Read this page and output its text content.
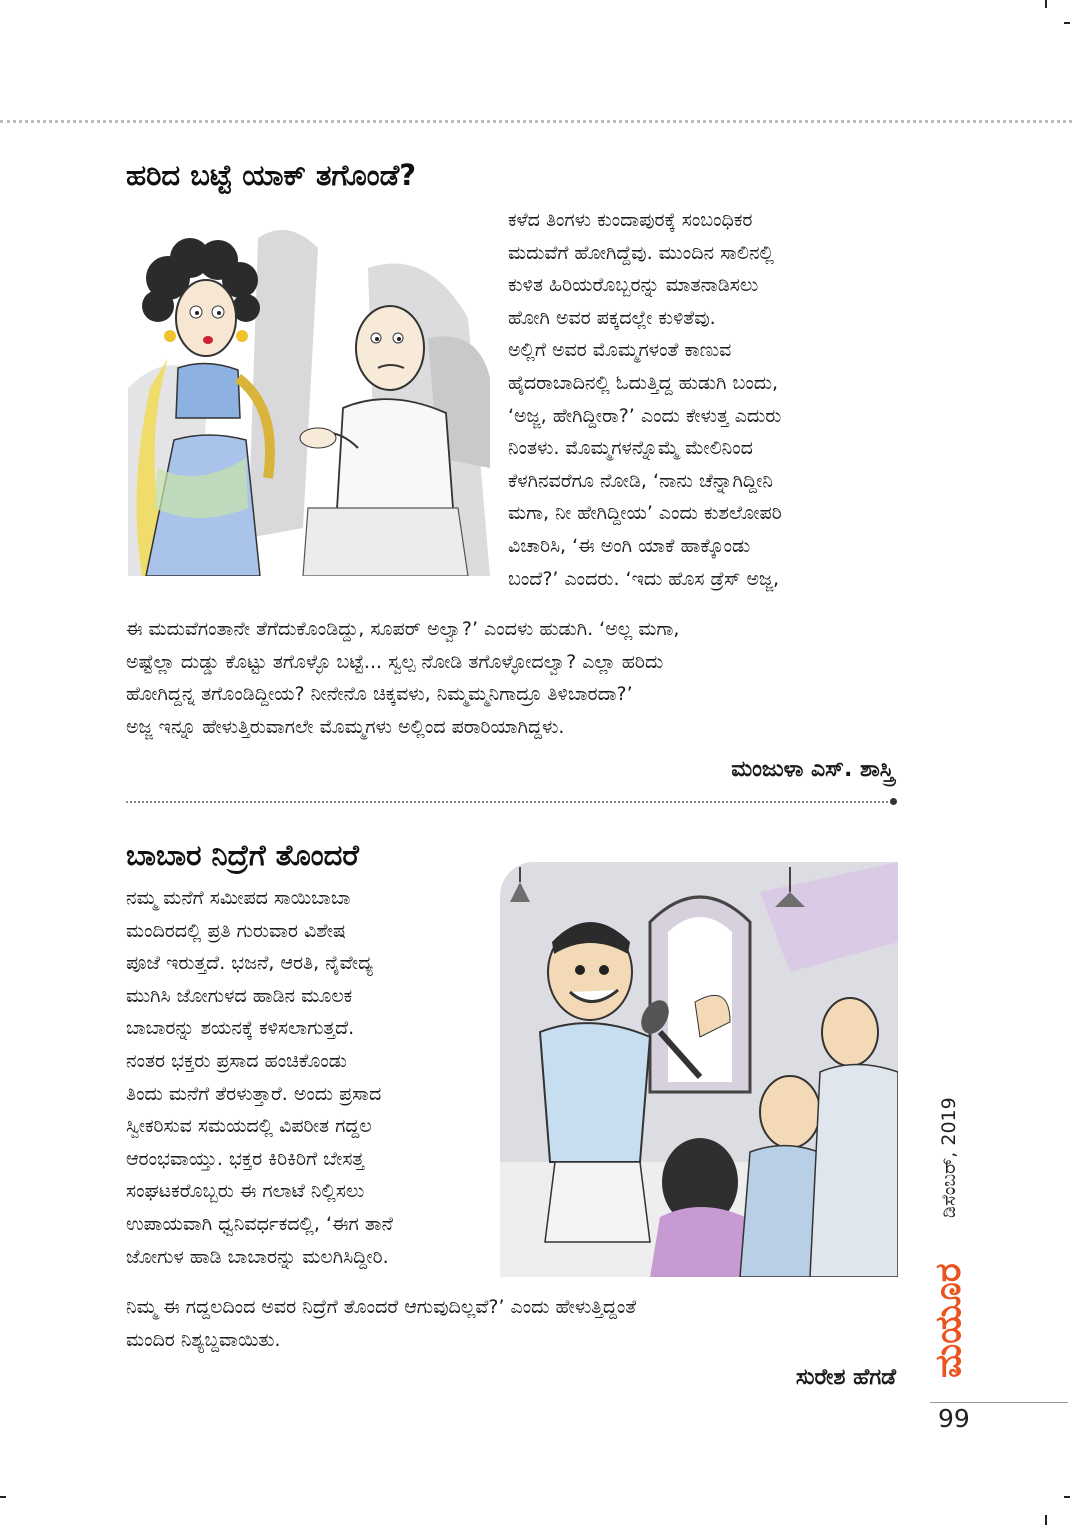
ಹರಿದ ಬಟ್ಟೆ ಯಾಕ್ ತಗೊಂಡೆ?

ಕಳೆದ ತಿಂಗಳು ಕುಂದಾಪುರಕ್ಕೆ ಸಂಬಂಧಿಕರ
ಮದುವೆಗೆ ಹೋಗಿದ್ದೆವು. ಮುಂದಿನ ಸಾಲಿನಲ್ಲಿ
ಕುಳಿತ ಹಿರಿಯರೊಬ್ಬರನ್ನು ಮಾತನಾಡಿಸಲು
ಹೋಗಿ ಅವರ ಪಕ್ಕದಲ್ಲೇ ಕುಳಿತೆವು.
ಅಲ್ಲಿಗೆ ಅವರ ಮೊಮ್ಮಗಳಂತೆ ಕಾಣುವ
ಹೈದರಾಬಾದಿನಲ್ಲಿ ಓದುತ್ತಿದ್ದ ಹುಡುಗಿ ಬಂದು,
‘ಅಜ್ಜ, ಹೇಗಿದ್ದೀರಾ?’ ಎಂದು ಕೇಳುತ್ತ ಎದುರು
ನಿಂತಳು. ಮೊಮ್ಮಗಳನ್ನೊಮ್ಮೆ ಮೇಲಿನಿಂದ
ಕೆಳಗಿನವರೆಗೂ ನೋಡಿ, ‘ನಾನು ಚೆನ್ನಾಗಿದ್ದೀನಿ
ಮಗಾ, ನೀ ಹೇಗಿದ್ದೀಯ’ ಎಂದು ಕುಶಲೋಪರಿ
ವಿಚಾರಿಸಿ, ‘ಈ ಅಂಗಿ ಯಾಕೆ ಹಾಕ್ಕೊಂಡು
ಬಂದೆ?’ ಎಂದರು. ‘ಇದು ಹೊಸ ಡ್ರೆಸ್ ಅಜ್ಜ,

ಈ ಮದುವೆಗಂತಾನೇ ತೆಗೆದುಕೊಂಡಿದ್ದು, ಸೂಪರ್ ಅಲ್ವಾ?’ ಎಂದಳು ಹುಡುಗಿ. ‘ಅಲ್ಲ ಮಗಾ,
ಅಷ್ಟೆಲ್ಲಾ ದುಡ್ಡು ಕೊಟ್ಟು ತಗೊಳ್ಳೊ ಬಟ್ಟೆ... ಸ್ವಲ್ಪ ನೋಡಿ ತಗೊಳ್ಳೋದಲ್ವಾ? ಎಲ್ಲಾ ಹರಿದು
ಹೋಗಿದ್ದನ್ನ ತಗೊಂಡಿದ್ದೀಯ? ನೀನೇನೊ ಚಿಕ್ಕವಳು, ನಿಮ್ಮಮ್ಮನಿಗಾದ್ರೂ ತಿಳಿಬಾರದಾ?’
ಅಜ್ಜ ಇನ್ನೂ ಹೇಳುತ್ತಿರುವಾಗಲೇ ಮೊಮ್ಮಗಳು ಅಲ್ಲಿಂದ ಪರಾರಿಯಾಗಿದ್ದಳು.

ಮಂಜುಳಾ ಎಸ್. ಶಾಸ್ತ್ರಿ

ಬಾಬಾರ ನಿದ್ರೆಗೆ ತೊಂದರೆ

ನಮ್ಮ ಮನೆಗೆ ಸಮೀಪದ ಸಾಯಿಬಾಬಾ
ಮಂದಿರದಲ್ಲಿ ಪ್ರತಿ ಗುರುವಾರ ವಿಶೇಷ
ಪೂಜೆ ಇರುತ್ತದೆ. ಭಜನೆ, ಆರತಿ, ನೈವೇದ್ಯ
ಮುಗಿಸಿ ಜೋಗುಳದ ಹಾಡಿನ ಮೂಲಕ
ಬಾಬಾರನ್ನು ಶಯನಕ್ಕೆ ಕಳಿಸಲಾಗುತ್ತದೆ.
ನಂತರ ಭಕ್ತರು ಪ್ರಸಾದ ಹಂಚಿಕೊಂಡು
ತಿಂದು ಮನೆಗೆ ತೆರಳುತ್ತಾರೆ. ಅಂದು ಪ್ರಸಾದ
ಸ್ವೀಕರಿಸುವ ಸಮಯದಲ್ಲಿ ವಿಪರೀತ ಗದ್ದಲ
ಆರಂಭವಾಯ್ತು. ಭಕ್ತರ ಕಿರಿಕಿರಿಗೆ ಬೇಸತ್ತ
ಸಂಘಟಕರೊಬ್ಬರು ಈ ಗಲಾಟೆ ನಿಲ್ಲಿಸಲು
ಉಪಾಯವಾಗಿ ಧ್ವನಿವರ್ಧಕದಲ್ಲಿ, ‘ಈಗ ತಾನೆ
ಜೋಗುಳ ಹಾಡಿ ಬಾಬಾರನ್ನು ಮಲಗಿಸಿದ್ದೀರಿ.

ನಿಮ್ಮ ಈ ಗದ್ದಲದಿಂದ ಅವರ ನಿದ್ರೆಗೆ ತೊಂದರೆ ಆಗುವುದಿಲ್ಲವೆ?’ ಎಂದು ಹೇಳುತ್ತಿದ್ದಂತೆ
ಮಂದಿರ ನಿಶ್ಯಬ್ದವಾಯಿತು.

ಸುರೇಶ ಹೆಗಡೆ

ಡಿಸೆಂಬರ್, 2019
ಮಯೂರ
99
